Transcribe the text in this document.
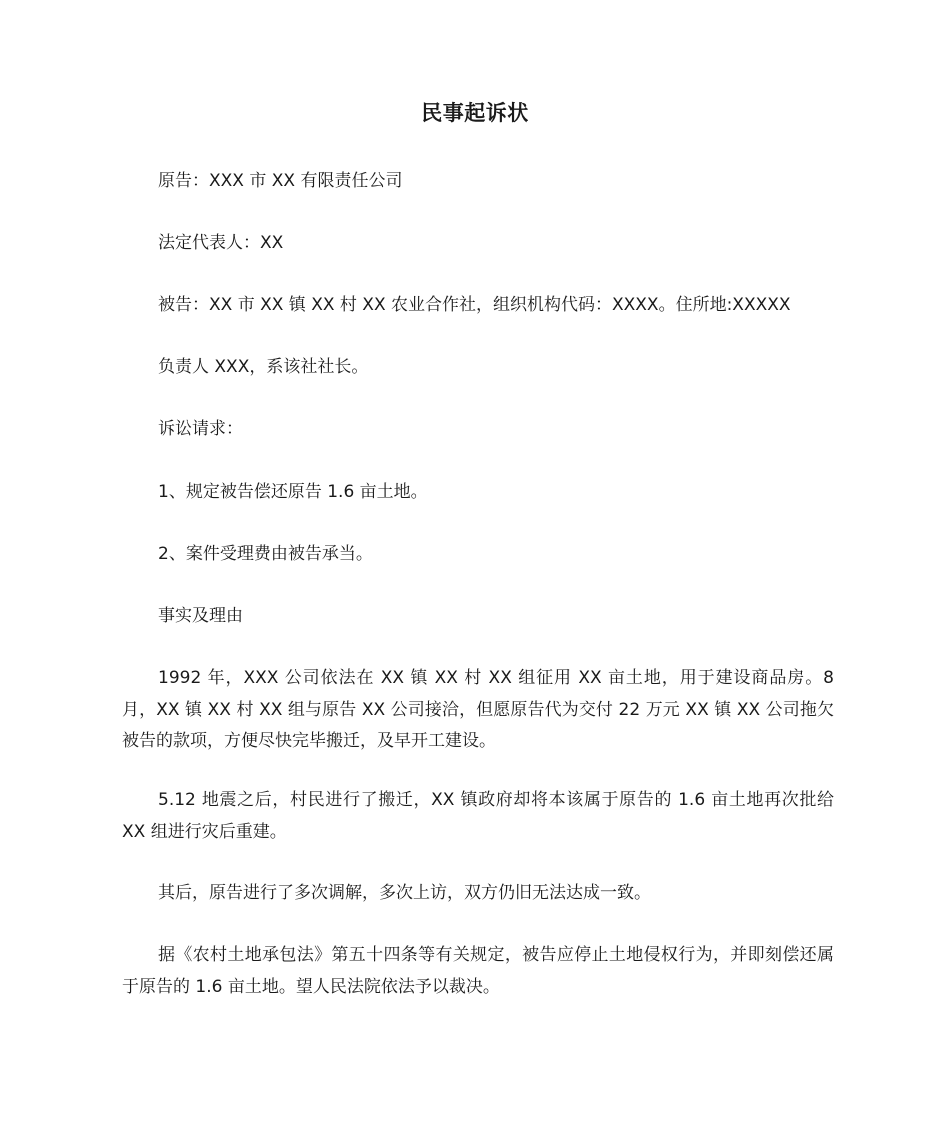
民事起诉状
原告：XXX 市 XX 有限责任公司
法定代表人：XX
被告：XX 市 XX 镇 XX 村 XX 农业合作社，组织机构代码：XXXX。住所地:XXXXX
负责人 XXX，系该社社长。
诉讼请求：
1、规定被告偿还原告 1.6 亩土地。
2、案件受理费由被告承当。
事实及理由
1992 年，XXX 公司依法在 XX 镇 XX 村 XX 组征用 XX 亩土地，用于建设商品房。8 月，XX 镇 XX 村 XX 组与原告 XX 公司接洽，但愿原告代为交付 22 万元 XX 镇 XX 公司拖欠被告的款项，方便尽快完毕搬迁，及早开工建设。
5.12 地震之后，村民进行了搬迁，XX 镇政府却将本该属于原告的 1.6 亩土地再次批给 XX 组进行灾后重建。
其后，原告进行了多次调解，多次上访，双方仍旧无法达成一致。
据《农村土地承包法》第五十四条等有关规定，被告应停止土地侵权行为，并即刻偿还属于原告的 1.6 亩土地。望人民法院依法予以裁决。
